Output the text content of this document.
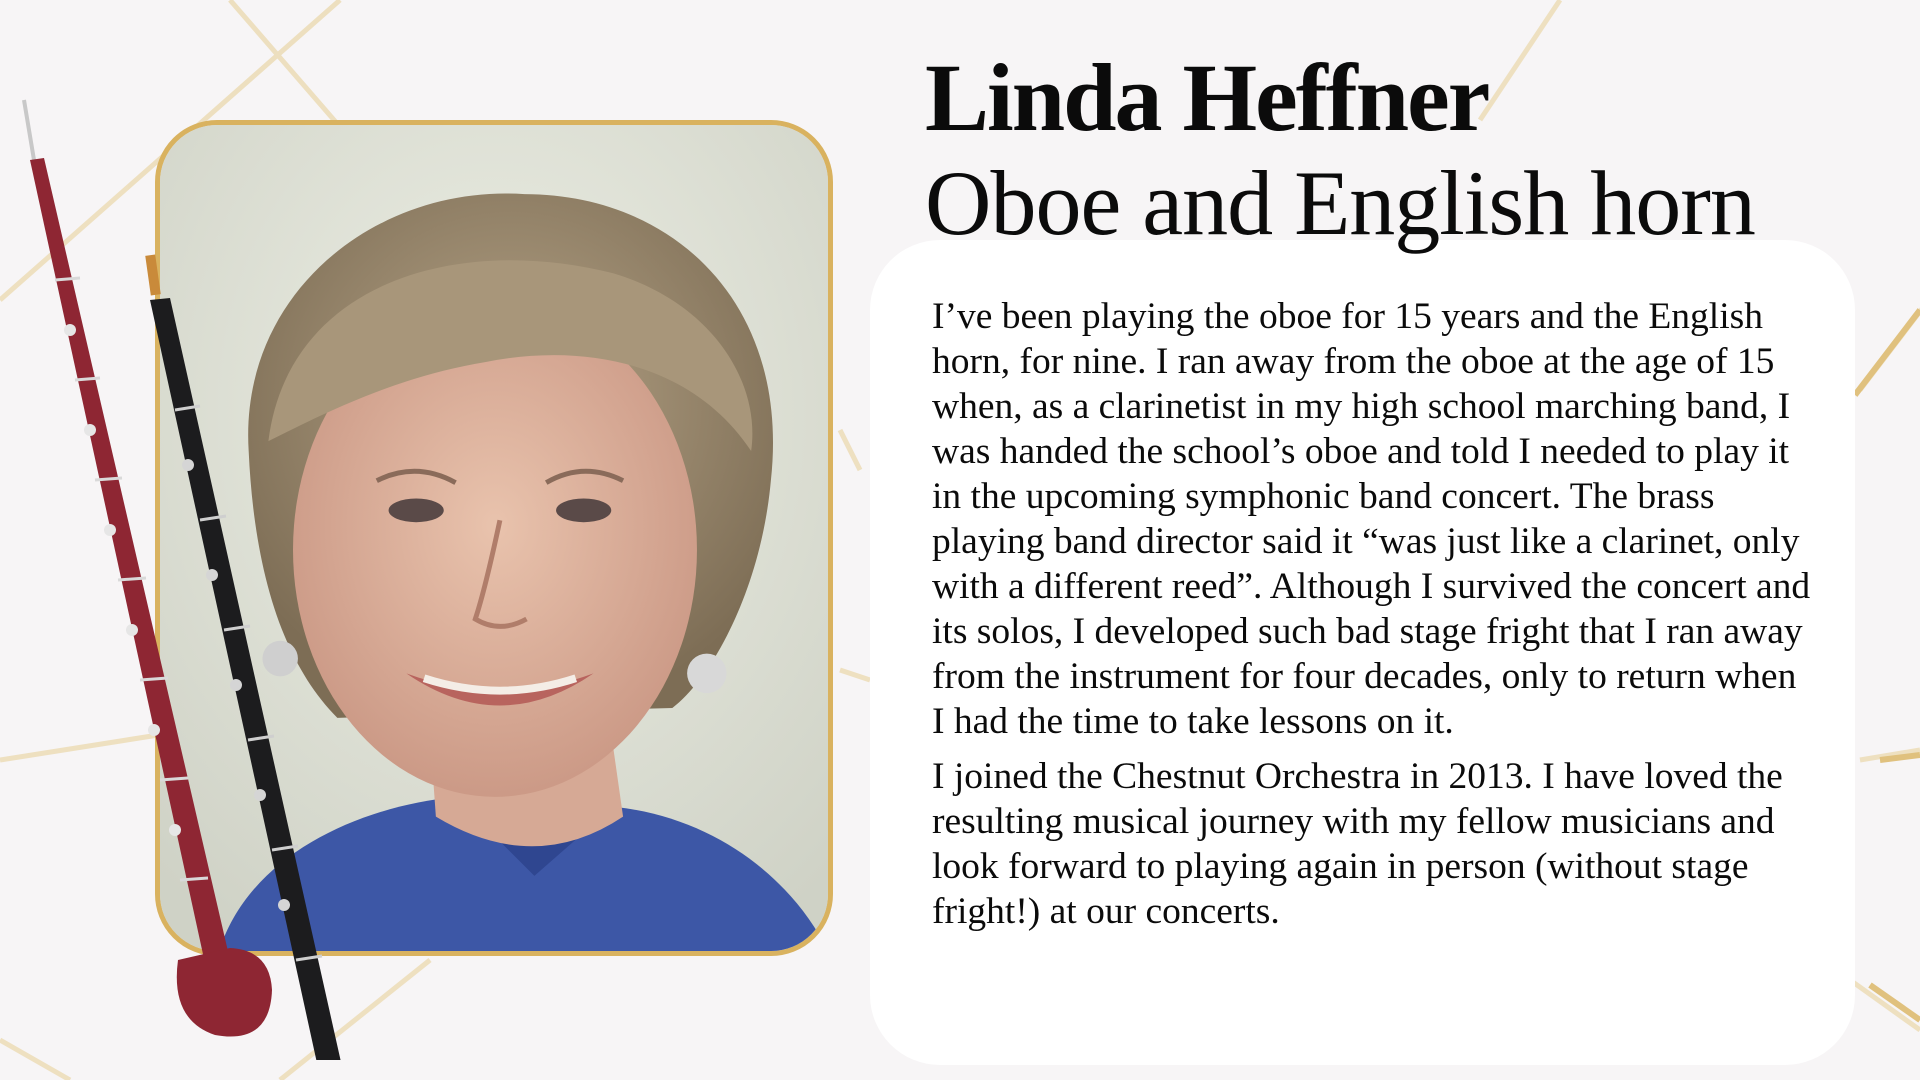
Linda Heffner
Oboe and English horn

I’ve been playing the oboe for 15 years and the English horn, for nine. I ran away from the oboe at the age of 15 when, as a clarinetist in my high school marching band, I was handed the school’s oboe and told I needed to play it in the upcoming symphonic band concert. The brass playing band director said it “was just like a clarinet, only with a different reed”. Although I survived the concert and its solos, I developed such bad stage fright that I ran away from the instrument for four decades, only to return when I had the time to take lessons on it.

I joined the Chestnut Orchestra in 2013. I have loved the resulting musical journey with my fellow musicians and look forward to playing again in person (without stage fright!) at our concerts.
